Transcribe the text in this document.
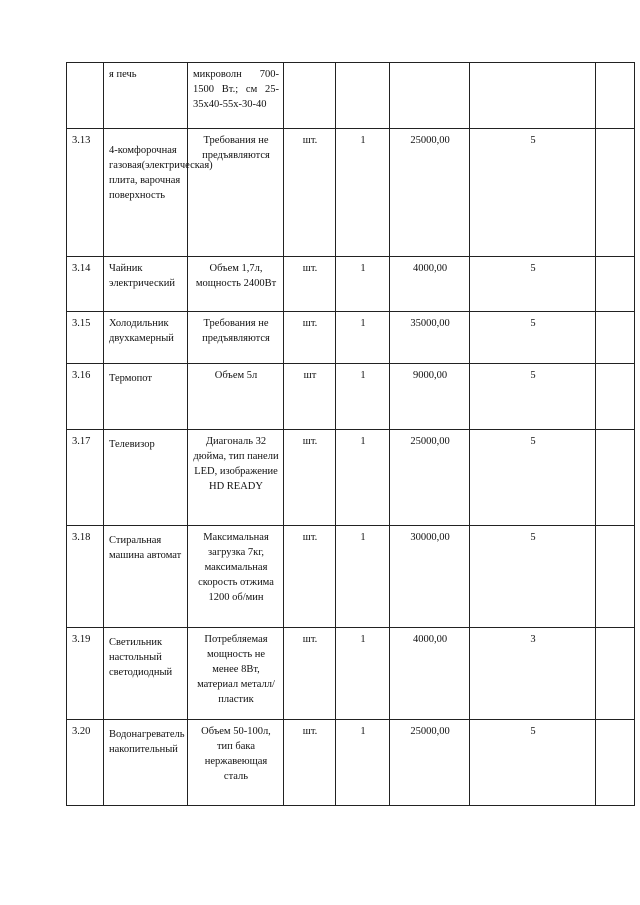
	я печь	микроволн 700-1500 Вт.; см 25-35х40-55х-30-40					
3.13	4-комфорочная газовая(электрическая) плита, варочная поверхность	Требования не предъявляются	шт.	1	25000,00	5	
3.14	Чайник электрический	Объем 1,7л, мощность 2400Вт	шт.	1	4000,00	5	
3.15	Холодильник двухкамерный	Требования не предъявляются	шт.	1	35000,00	5	
3.16	Термопот	Объем 5л	шт	1	9000,00	5	
3.17	Телевизор	Диагональ 32 дюйма, тип панели LED, изображение HD READY	шт.	1	25000,00	5	
3.18	Стиральная машина автомат	Максимальная загрузка 7кг, максимальная скорость отжима 1200 об/мин	шт.	1	30000,00	5	
3.19	Светильник настольный светодиодный	Потребляемая мощность не менее 8Вт, материал металл/пластик	шт.	1	4000,00	3	
3.20	Водонагреватель накопительный	Объем 50-100л, тип бака нержавеющая сталь	шт.	1	25000,00	5	
